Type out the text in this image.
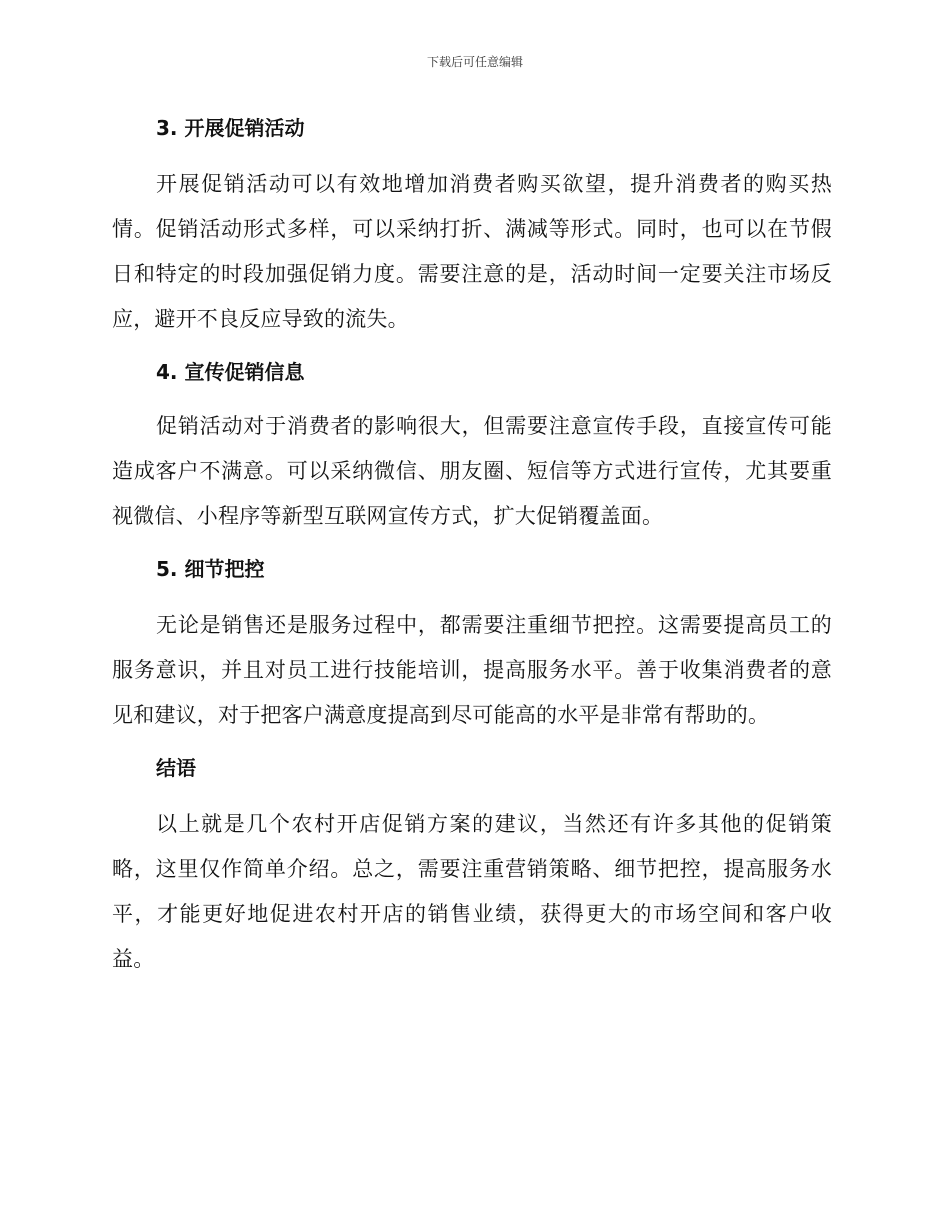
下载后可任意编辑
3. 开展促销活动

开展促销活动可以有效地增加消费者购买欲望，提升消费者的购买热情。促销活动形式多样，可以采纳打折、满减等形式。同时，也可以在节假日和特定的时段加强促销力度。需要注意的是，活动时间一定要关注市场反应，避开不良反应导致的流失。

4. 宣传促销信息

促销活动对于消费者的影响很大，但需要注意宣传手段，直接宣传可能造成客户不满意。可以采纳微信、朋友圈、短信等方式进行宣传，尤其要重视微信、小程序等新型互联网宣传方式，扩大促销覆盖面。

5. 细节把控

无论是销售还是服务过程中，都需要注重细节把控。这需要提高员工的服务意识，并且对员工进行技能培训，提高服务水平。善于收集消费者的意见和建议，对于把客户满意度提高到尽可能高的水平是非常有帮助的。

结语

以上就是几个农村开店促销方案的建议，当然还有许多其他的促销策略，这里仅作简单介绍。总之，需要注重营销策略、细节把控，提高服务水平，才能更好地促进农村开店的销售业绩，获得更大的市场空间和客户收益。
